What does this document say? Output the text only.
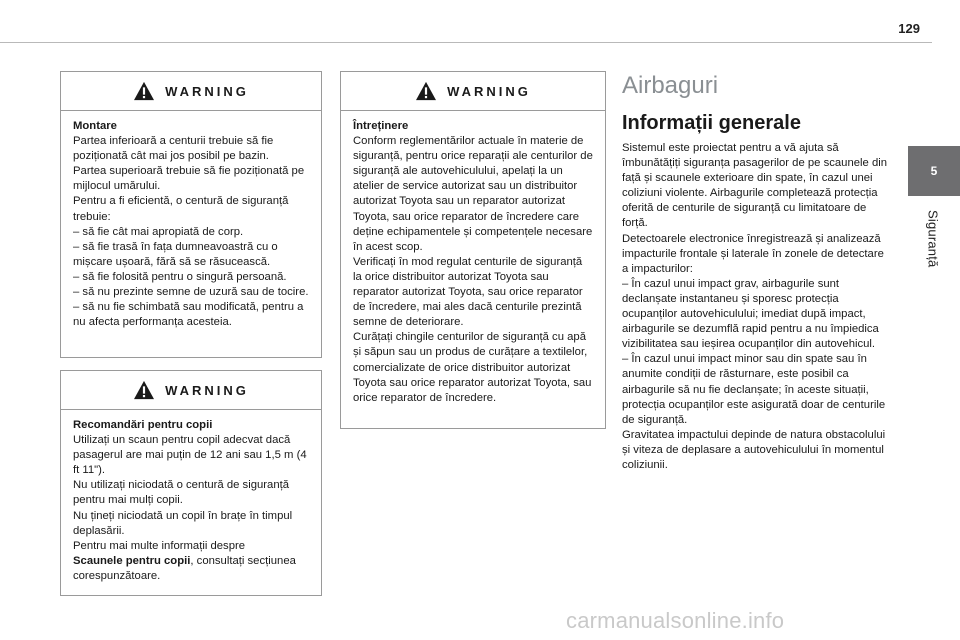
129
5
Siguranță
WARNING

Montare

Partea inferioară a centurii trebuie să fie poziționată cât mai jos posibil pe bazin.

Partea superioară trebuie să fie poziționată pe mijlocul umărului.

Pentru a fi eficientă, o centură de siguranță trebuie:

– să fie cât mai apropiată de corp.

– să fie trasă în fața dumneavoastră cu o mișcare ușoară, fără să se răsucească.

– să fie folosită pentru o singură persoană.

– să nu prezinte semne de uzură sau de tocire.

– să nu fie schimbată sau modificată, pentru a nu afecta performanța acesteia.

WARNING

Recomandări pentru copii

Utilizați un scaun pentru copil adecvat dacă pasagerul are mai puțin de 12 ani sau 1,5 m (4 ft 11").

Nu utilizați niciodată o centură de siguranță pentru mai mulți copii.

Nu țineți niciodată un copil în brațe în timpul deplasării.

Pentru mai multe informații despre

Scaunele pentru copii, consultați secțiunea corespunzătoare.

WARNING

Întreținere

Conform reglementărilor actuale în materie de siguranță, pentru orice reparații ale centurilor de siguranță ale autovehiculului, apelați la un atelier de service autorizat sau un distribuitor autorizat Toyota sau un reparator autorizat Toyota, sau orice reparator de încredere care deține echipamentele și competențele necesare în acest scop.

Verificați în mod regulat centurile de siguranță la orice distribuitor autorizat Toyota sau reparator autorizat Toyota, sau orice reparator de încredere, mai ales dacă centurile prezintă semne de deteriorare.

Curățați chingile centurilor de siguranță cu apă și săpun sau un produs de curățare a textilelor, comercializate de orice distribuitor autorizat Toyota sau orice reparator autorizat Toyota, sau orice reparator de încredere.

Airbaguri
Informații generale

Sistemul este proiectat pentru a vă ajuta să îmbunătățiți siguranța pasagerilor de pe scaunele din față și scaunele exterioare din spate, în cazul unei coliziuni violente. Airbagurile completează protecția oferită de centurile de siguranță cu limitatoare de forță.

Detectoarele electronice înregistrează și analizează impacturile frontale și laterale în zonele de detectare a impacturilor:

– În cazul unui impact grav, airbagurile sunt declanșate instantaneu și sporesc protecția ocupanților autovehiculului; imediat după impact, airbagurile se dezumflă rapid pentru a nu împiedica vizibilitatea sau ieșirea ocupanților din autovehicul.

– În cazul unui impact minor sau din spate sau în anumite condiții de răsturnare, este posibil ca airbagurile să nu fie declanșate; în aceste situații, protecția ocupanților este asigurată doar de centurile de siguranță.

Gravitatea impactului depinde de natura obstacolului și viteza de deplasare a autovehiculului în momentul coliziunii.

carmanualsonline.info
